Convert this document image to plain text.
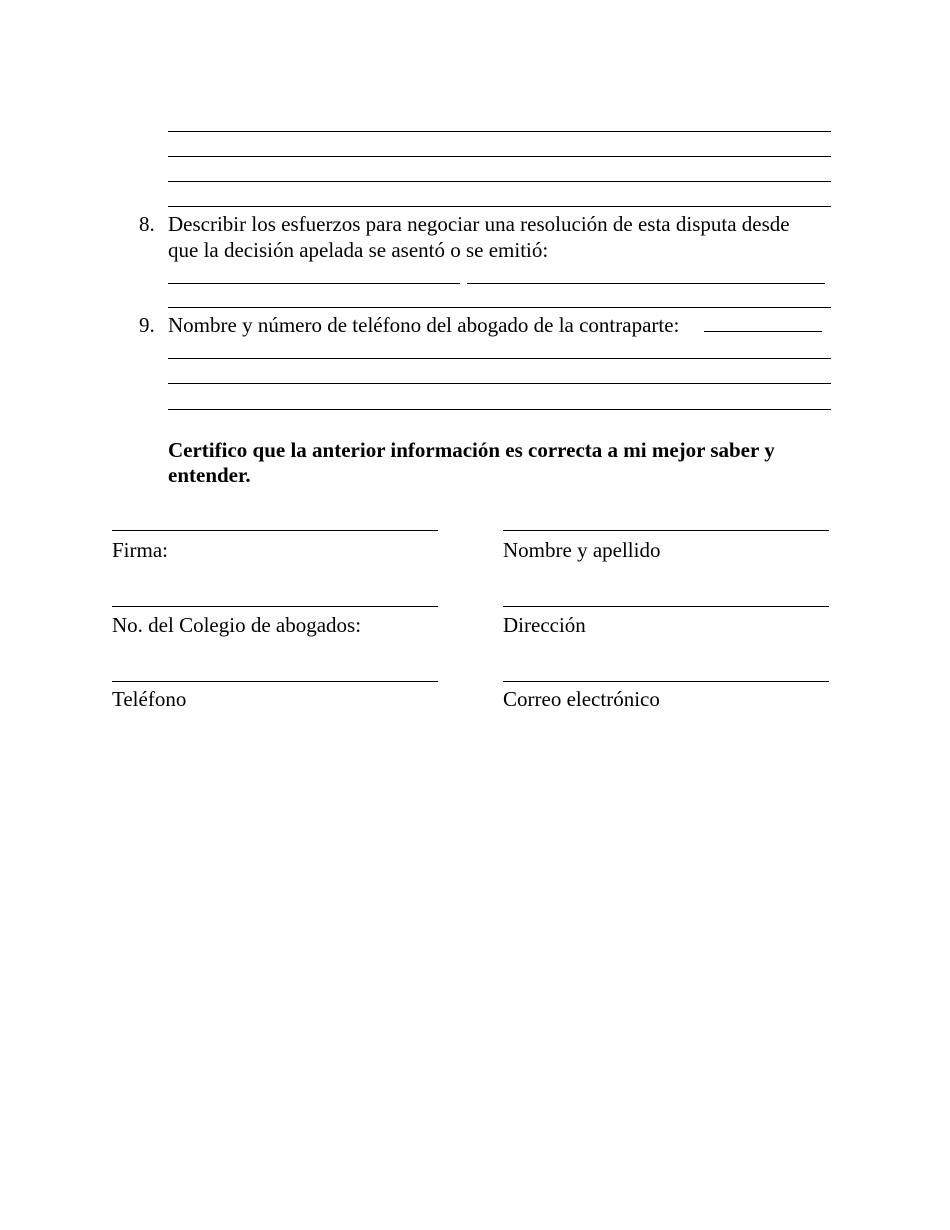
8. Describir los esfuerzos para negociar una resolución de esta disputa desde
que la decisión apelada se asentó o se emitió:
9. Nombre y número de teléfono del abogado de la contraparte:
Certifico que la anterior información es correcta a mi mejor saber y
entender.
Firma:	Nombre y apellido
No. del Colegio de abogados:	Dirección
Teléfono	Correo electrónico
